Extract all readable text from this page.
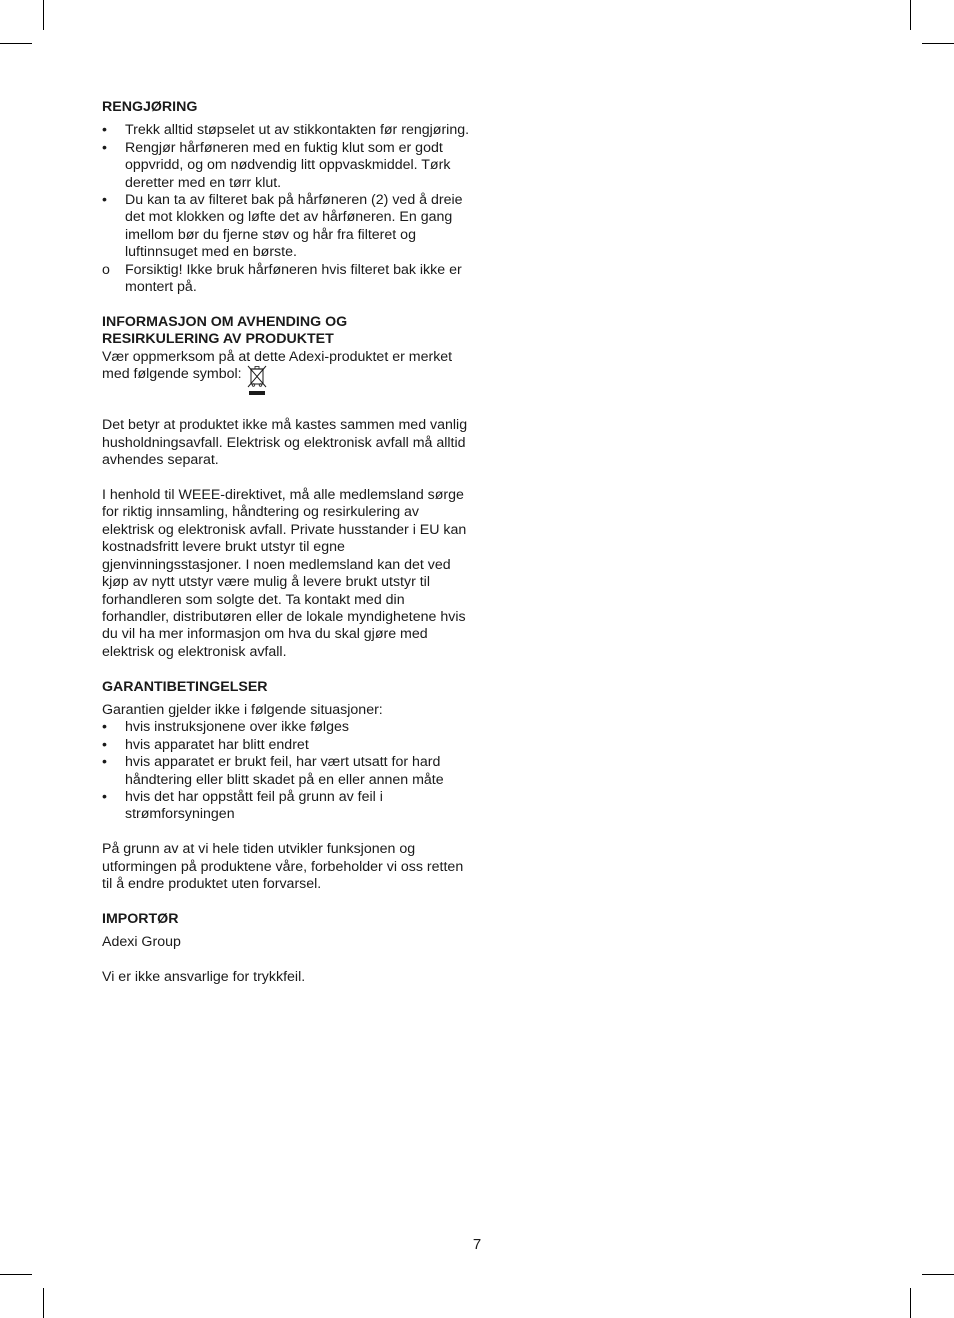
RENGJØRING

•	Trekk alltid støpselet ut av stikkontakten før rengjøring.
•	Rengjør hårføneren med en fuktig klut som er godt oppvridd, og om nødvendig litt oppvaskmiddel. Tørk deretter med en tørr klut.
•	Du kan ta av filteret bak på hårføneren (2) ved å dreie det mot klokken og løfte det av hårføneren. En gang imellom bør du fjerne støv og hår fra filteret og luftinnsuget med en børste.
o	Forsiktig! Ikke bruk hårføneren hvis filteret bak ikke er montert på.

INFORMASJON OM AVHENDING OG

RESIRKULERING AV PRODUKTET

Vær oppmerksom på at dette Adexi-produktet er merket med følgende symbol:

Det betyr at produktet ikke må kastes sammen med vanlig husholdningsavfall. Elektrisk og elektronisk avfall må alltid avhendes separat.

I henhold til WEEE-direktivet, må alle medlemsland sørge for riktig innsamling, håndtering og resirkulering av elektrisk og elektronisk avfall. Private husstander i EU kan kostnadsfritt levere brukt utstyr til egne gjenvinningsstasjoner. I noen medlemsland kan det ved kjøp av nytt utstyr være mulig å levere brukt utstyr til forhandleren som solgte det. Ta kontakt med din forhandler, distributøren eller de lokale myndighetene hvis du vil ha mer informasjon om hva du skal gjøre med elektrisk og elektronisk avfall.

GARANTIBETINGELSER

Garantien gjelder ikke i følgende situasjoner:

•	hvis instruksjonene over ikke følges
•	hvis apparatet har blitt endret
•	hvis apparatet er brukt feil, har vært utsatt for hard håndtering eller blitt skadet på en eller annen måte
•	hvis det har oppstått feil på grunn av feil i strømforsyningen

På grunn av at vi hele tiden utvikler funksjonen og utformingen på produktene våre, forbeholder vi oss retten til å endre produktet uten forvarsel.

IMPORTØR

Adexi Group

Vi er ikke ansvarlige for trykkfeil.

7
